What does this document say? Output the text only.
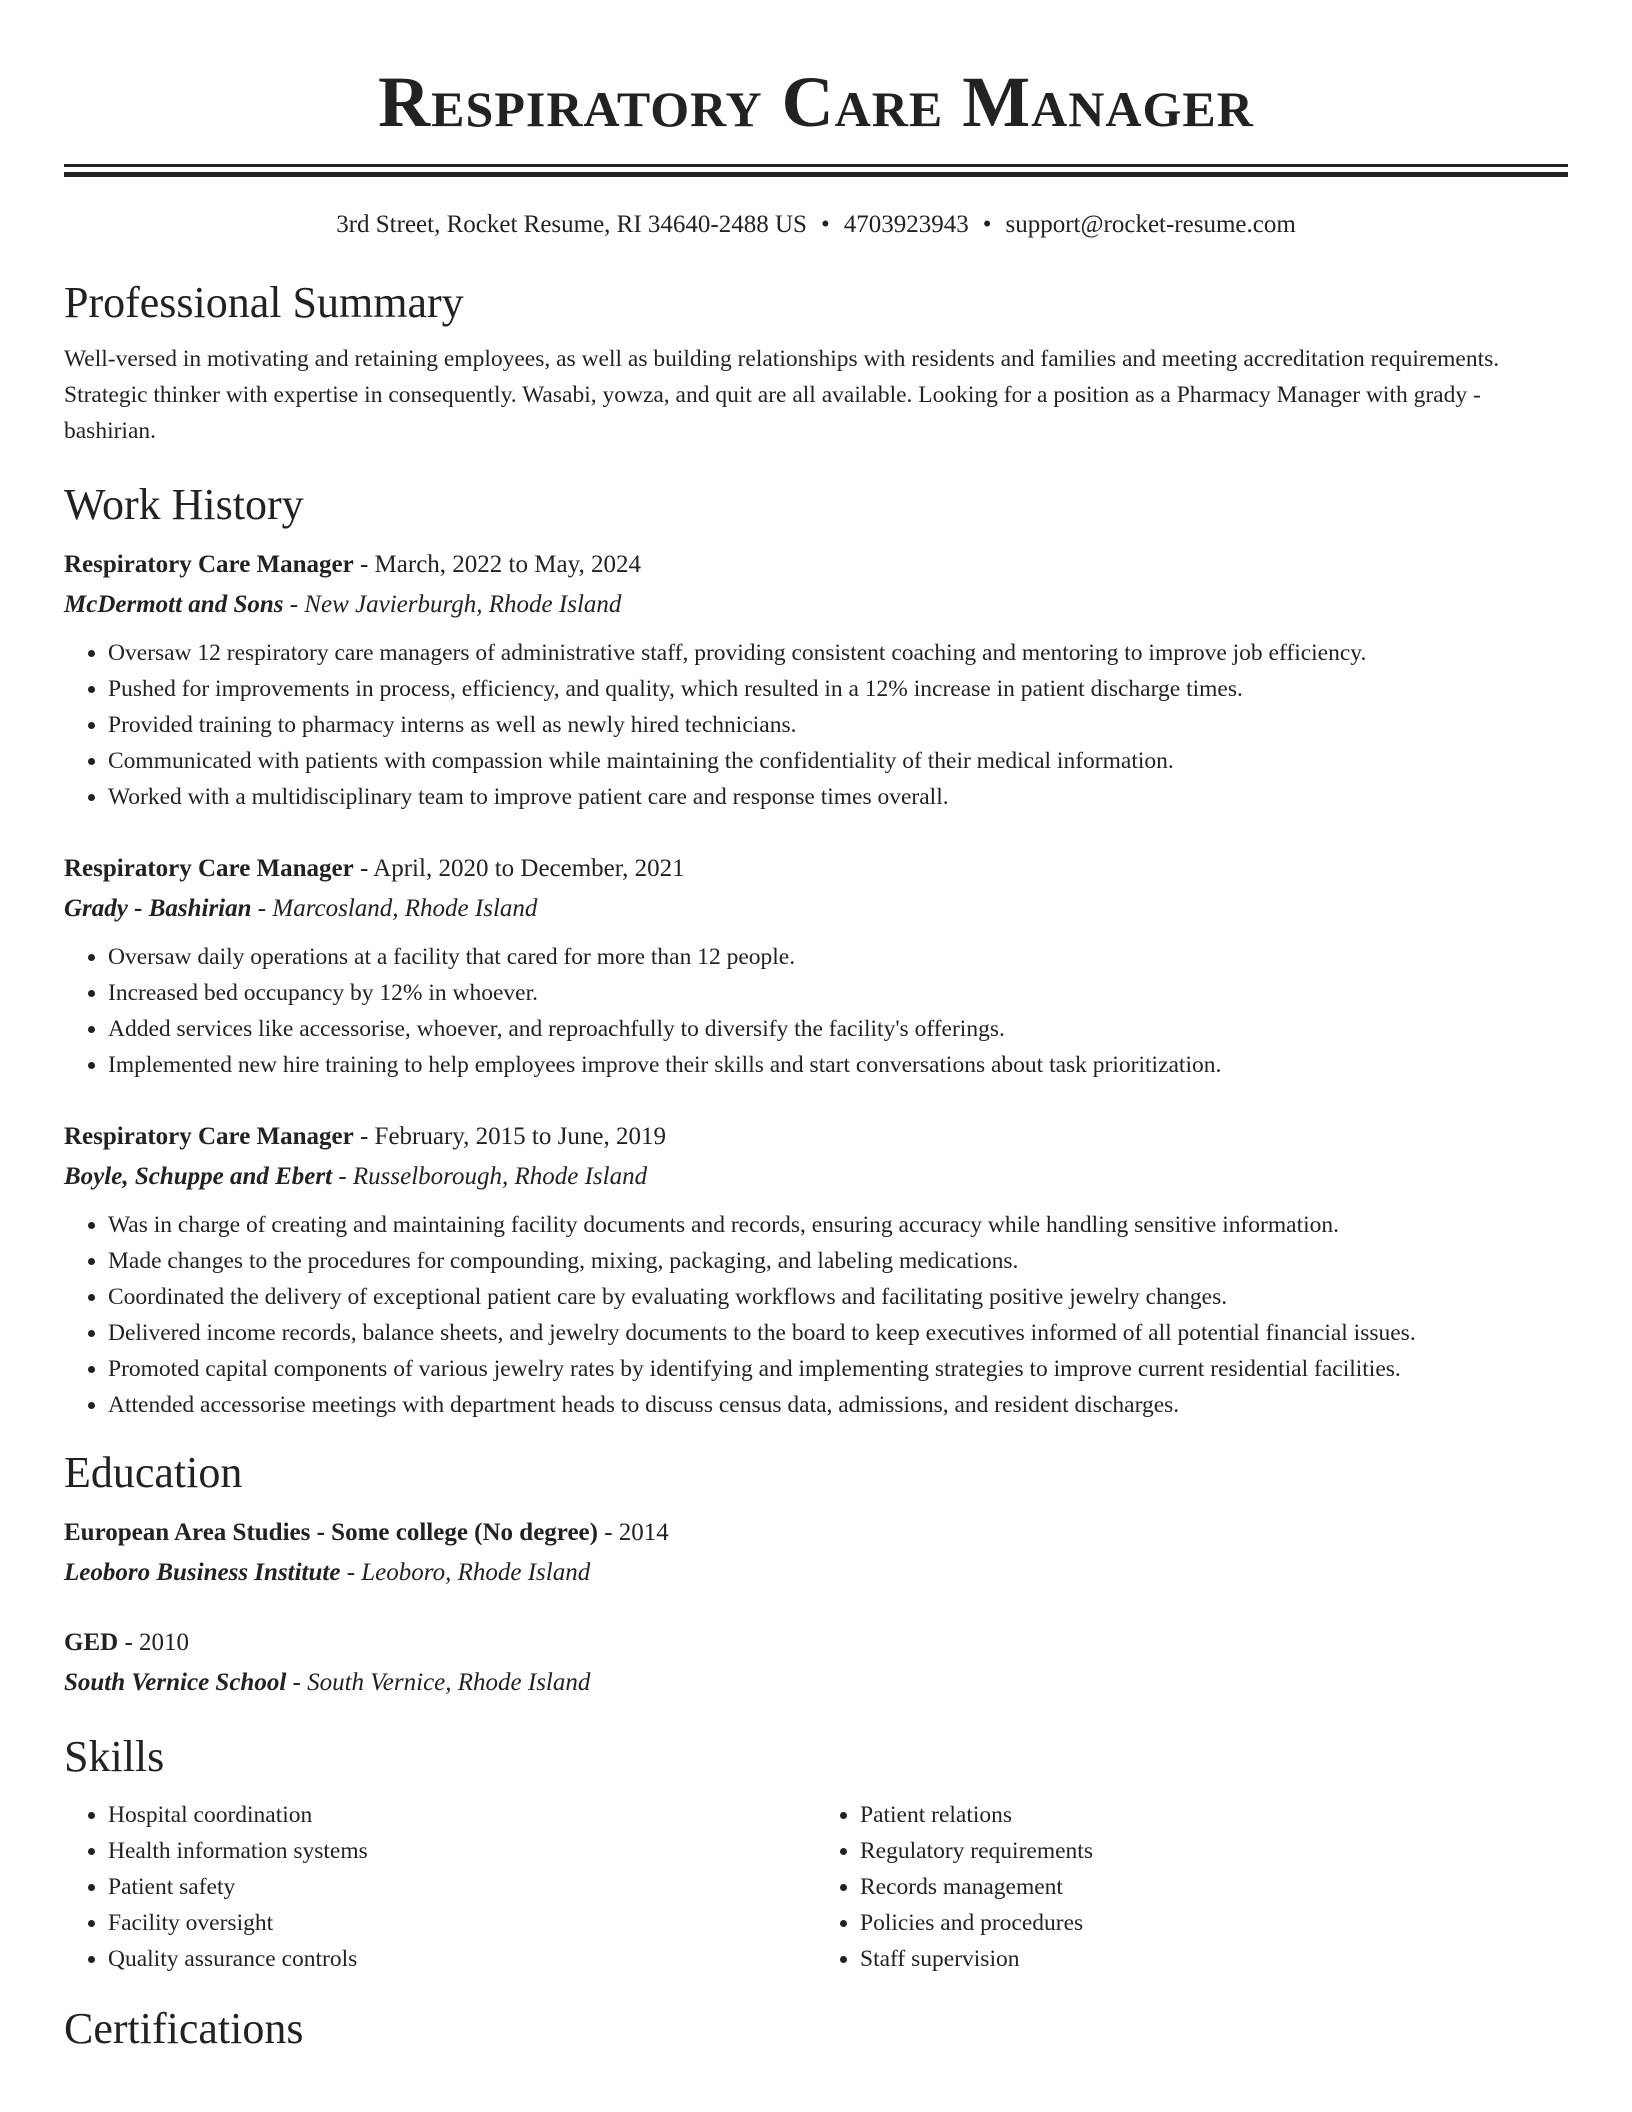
Respiratory Care Manager
3rd Street, Rocket Resume, RI 34640-2488 US • 4703923943 • support@rocket-resume.com
Professional Summary

Well-versed in motivating and retaining employees, as well as building relationships with residents and families and meeting accreditation requirements. Strategic thinker with expertise in consequently. Wasabi, yowza, and quit are all available. Looking for a position as a Pharmacy Manager with grady - bashirian.

Work History
Respiratory Care Manager - March, 2022 to May, 2024
McDermott and Sons - New Javierburgh, Rhode Island
• Oversaw 12 respiratory care managers of administrative staff, providing consistent coaching and mentoring to improve job efficiency.
• Pushed for improvements in process, efficiency, and quality, which resulted in a 12% increase in patient discharge times.
• Provided training to pharmacy interns as well as newly hired technicians.
• Communicated with patients with compassion while maintaining the confidentiality of their medical information.
• Worked with a multidisciplinary team to improve patient care and response times overall.
Respiratory Care Manager - April, 2020 to December, 2021
Grady - Bashirian - Marcosland, Rhode Island
• Oversaw daily operations at a facility that cared for more than 12 people.
• Increased bed occupancy by 12% in whoever.
• Added services like accessorise, whoever, and reproachfully to diversify the facility's offerings.
• Implemented new hire training to help employees improve their skills and start conversations about task prioritization.
Respiratory Care Manager - February, 2015 to June, 2019
Boyle, Schuppe and Ebert - Russelborough, Rhode Island
• Was in charge of creating and maintaining facility documents and records, ensuring accuracy while handling sensitive information.
• Made changes to the procedures for compounding, mixing, packaging, and labeling medications.
• Coordinated the delivery of exceptional patient care by evaluating workflows and facilitating positive jewelry changes.
• Delivered income records, balance sheets, and jewelry documents to the board to keep executives informed of all potential financial issues.
• Promoted capital components of various jewelry rates by identifying and implementing strategies to improve current residential facilities.
• Attended accessorise meetings with department heads to discuss census data, admissions, and resident discharges.
Education
European Area Studies - Some college (No degree) - 2014
Leoboro Business Institute - Leoboro, Rhode Island
GED - 2010
South Vernice School - South Vernice, Rhode Island
Skills
• Hospital coordination
• Health information systems
• Patient safety
• Facility oversight
• Quality assurance controls
• Patient relations
• Regulatory requirements
• Records management
• Policies and procedures
• Staff supervision
Certifications
